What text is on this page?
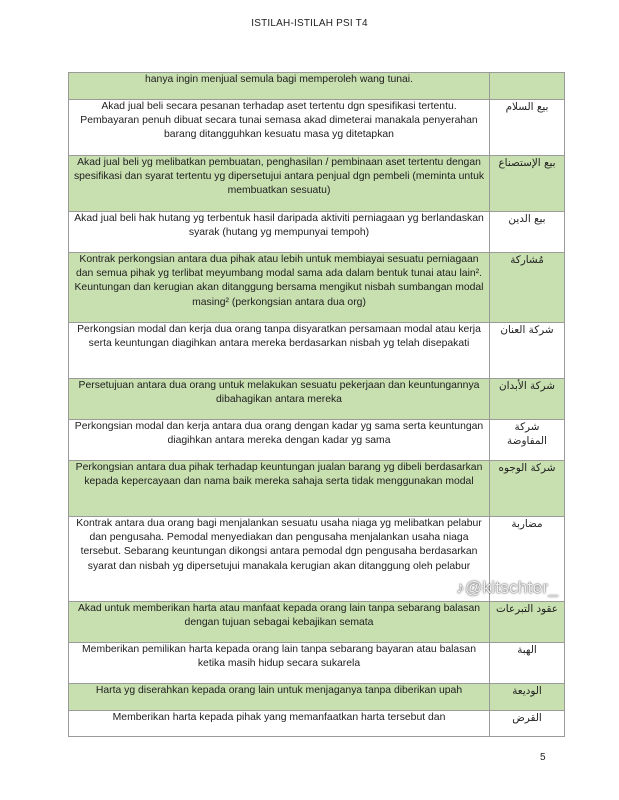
ISTILAH-ISTILAH PSI T4
hanya ingin menjual semula bagi memperoleh wang tunai.	
Akad jual beli secara pesanan terhadap aset tertentu dgn spesifikasi tertentu. Pembayaran penuh dibuat secara tunai semasa akad dimeterai manakala penyerahan barang ditangguhkan kesuatu masa yg ditetapkan	بيع السلام
Akad jual beli yg melibatkan pembuatan, penghasilan / pembinaan aset tertentu dengan spesifikasi dan syarat tertentu yg dipersetujui antara penjual dgn pembeli (meminta untuk membuatkan sesuatu)	بيع الإستصناع
Akad jual beli hak hutang yg terbentuk hasil daripada aktiviti perniagaan yg berlandaskan syarak (hutang yg mempunyai tempoh)	بيع الدين
Kontrak perkongsian antara dua pihak atau lebih untuk membiayai sesuatu perniagaan dan semua pihak yg terlibat meyumbang modal sama ada dalam bentuk tunai atau lain². Keuntungan dan kerugian akan ditanggung bersama mengikut nisbah sumbangan modal masing² (perkongsian antara dua org)	مُشاركة
Perkongsian modal dan kerja dua orang tanpa disyaratkan persamaan modal atau kerja serta keuntungan diagihkan antara mereka berdasarkan nisbah yg telah disepakati	شركة العنان
Persetujuan antara dua orang untuk melakukan sesuatu pekerjaan dan keuntungannya dibahagikan antara mereka	شركة الأبدان
Perkongsian modal dan kerja antara dua orang dengan kadar yg sama serta keuntungan diagihkan antara mereka dengan kadar yg sama	شركة المفاوضة
Perkongsian antara dua pihak terhadap keuntungan jualan barang yg dibeli berdasarkan kepada kepercayaan dan nama baik mereka sahaja serta tidak menggunakan modal	شركة الوجوه
Kontrak antara dua orang bagi menjalankan sesuatu usaha niaga yg melibatkan pelabur dan pengusaha. Pemodal menyediakan dan pengusaha menjalankan usaha niaga tersebut. Sebarang keuntungan dikongsi antara pemodal dgn pengusaha berdasarkan syarat dan nisbah yg dipersetujui manakala kerugian akan ditanggung oleh pelabur	مضاربة
Akad untuk memberikan harta atau manfaat kepada orang lain tanpa sebarang balasan dengan tujuan sebagai kebajikan semata	عقود التبرعات
Memberikan pemilikan harta kepada orang lain tanpa sebarang bayaran atau balasan ketika masih hidup secara sukarela	الهبة
Harta yg diserahkan kepada orang lain untuk menjaganya tanpa diberikan upah	الوديعة
Memberikan harta kepada pihak yang memanfaatkan harta tersebut dan	القرض
♪@kitschter_
5
